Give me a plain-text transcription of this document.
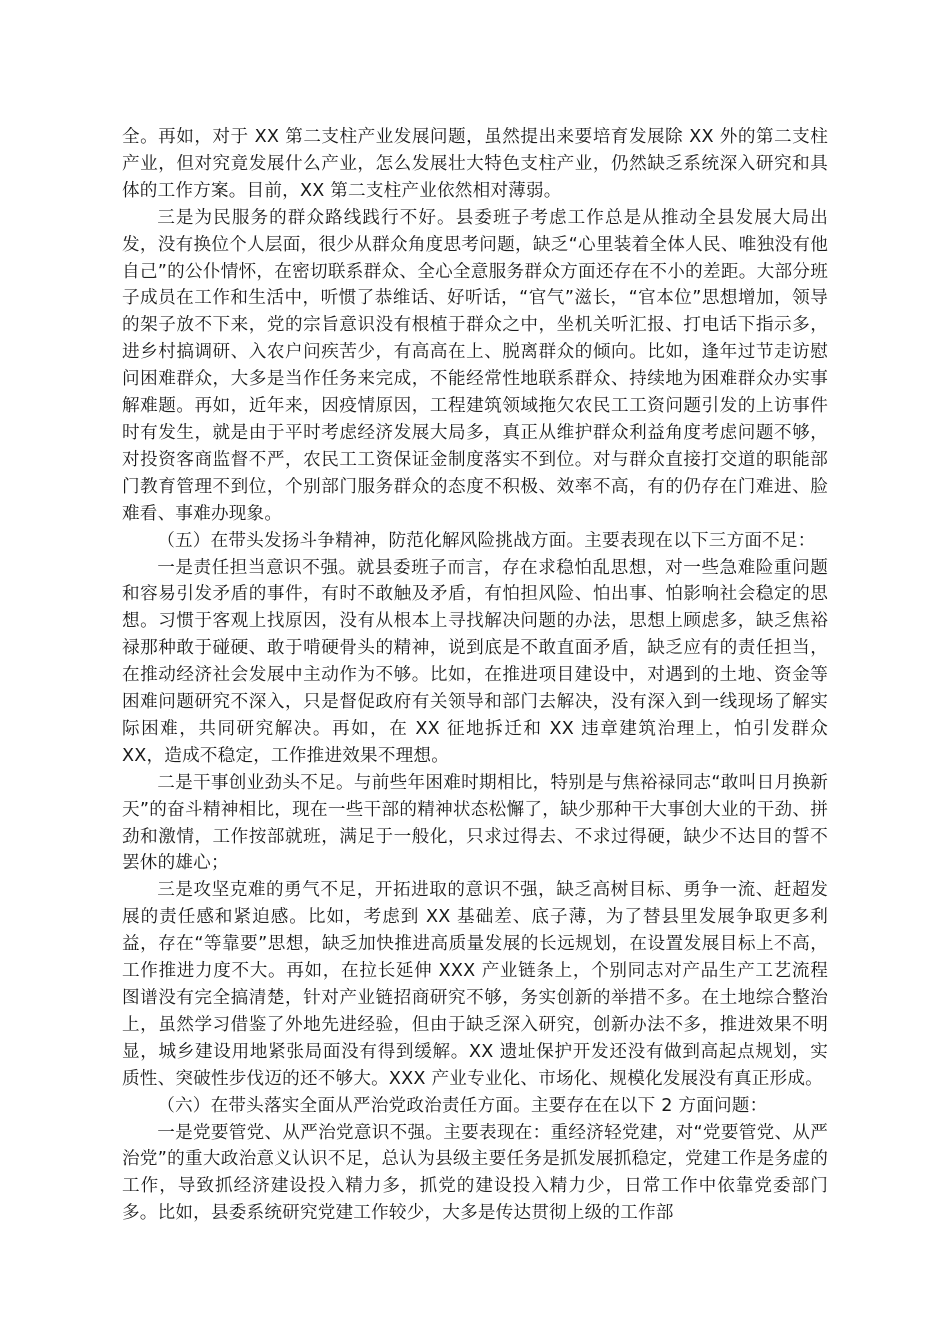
全。再如，对于 XX 第二支柱产业发展问题，虽然提出来要培育发展除 XX 外的第二支柱产业，但对究竟发展什么产业，怎么发展壮大特色支柱产业，仍然缺乏系统深入研究和具体的工作方案。目前，XX 第二支柱产业依然相对薄弱。

三是为民服务的群众路线践行不好。县委班子考虑工作总是从推动全县发展大局出发，没有换位个人层面，很少从群众角度思考问题，缺乏“心里装着全体人民、唯独没有他自己”的公仆情怀，在密切联系群众、全心全意服务群众方面还存在不小的差距。大部分班子成员在工作和生活中，听惯了恭维话、好听话，“官气”滋长，“官本位”思想增加，领导的架子放不下来，党的宗旨意识没有根植于群众之中，坐机关听汇报、打电话下指示多，进乡村搞调研、入农户问疾苦少，有高高在上、脱离群众的倾向。比如，逢年过节走访慰问困难群众，大多是当作任务来完成，不能经常性地联系群众、持续地为困难群众办实事解难题。再如，近年来，因疫情原因，工程建筑领域拖欠农民工工资问题引发的上访事件时有发生，就是由于平时考虑经济发展大局多，真正从维护群众利益角度考虑问题不够，对投资客商监督不严，农民工工资保证金制度落实不到位。对与群众直接打交道的职能部门教育管理不到位，个别部门服务群众的态度不积极、效率不高，有的仍存在门难进、脸难看、事难办现象。

（五）在带头发扬斗争精神，防范化解风险挑战方面。主要表现在以下三方面不足：

一是责任担当意识不强。就县委班子而言，存在求稳怕乱思想，对一些急难险重问题和容易引发矛盾的事件，有时不敢触及矛盾，有怕担风险、怕出事、怕影响社会稳定的思想。习惯于客观上找原因，没有从根本上寻找解决问题的办法，思想上顾虑多，缺乏焦裕禄那种敢于碰硬、敢于啃硬骨头的精神，说到底是不敢直面矛盾，缺乏应有的责任担当，在推动经济社会发展中主动作为不够。比如，在推进项目建设中，对遇到的土地、资金等困难问题研究不深入，只是督促政府有关领导和部门去解决，没有深入到一线现场了解实际困难，共同研究解决。再如，在 XX 征地拆迁和 XX 违章建筑治理上，怕引发群众 XX，造成不稳定，工作推进效果不理想。

二是干事创业劲头不足。与前些年困难时期相比，特别是与焦裕禄同志“敢叫日月换新天”的奋斗精神相比，现在一些干部的精神状态松懈了，缺少那种干大事创大业的干劲、拼劲和激情，工作按部就班，满足于一般化，只求过得去、不求过得硬，缺少不达目的誓不罢休的雄心；

三是攻坚克难的勇气不足，开拓进取的意识不强，缺乏高树目标、勇争一流、赶超发展的责任感和紧迫感。比如，考虑到 XX 基础差、底子薄，为了替县里发展争取更多利益，存在“等靠要”思想，缺乏加快推进高质量发展的长远规划，在设置发展目标上不高，工作推进力度不大。再如，在拉长延伸 XXX 产业链条上，个别同志对产品生产工艺流程图谱没有完全搞清楚，针对产业链招商研究不够，务实创新的举措不多。在土地综合整治上，虽然学习借鉴了外地先进经验，但由于缺乏深入研究，创新办法不多，推进效果不明显，城乡建设用地紧张局面没有得到缓解。XX 遗址保护开发还没有做到高起点规划，实质性、突破性步伐迈的还不够大。XXX 产业专业化、市场化、规模化发展没有真正形成。

（六）在带头落实全面从严治党政治责任方面。主要存在在以下 2 方面问题：

一是党要管党、从严治党意识不强。主要表现在：重经济轻党建，对“党要管党、从严治党”的重大政治意义认识不足，总认为县级主要任务是抓发展抓稳定，党建工作是务虚的工作，导致抓经济建设投入精力多，抓党的建设投入精力少，日常工作中依靠党委部门多。比如，县委系统研究党建工作较少，大多是传达贯彻上级的工作部
